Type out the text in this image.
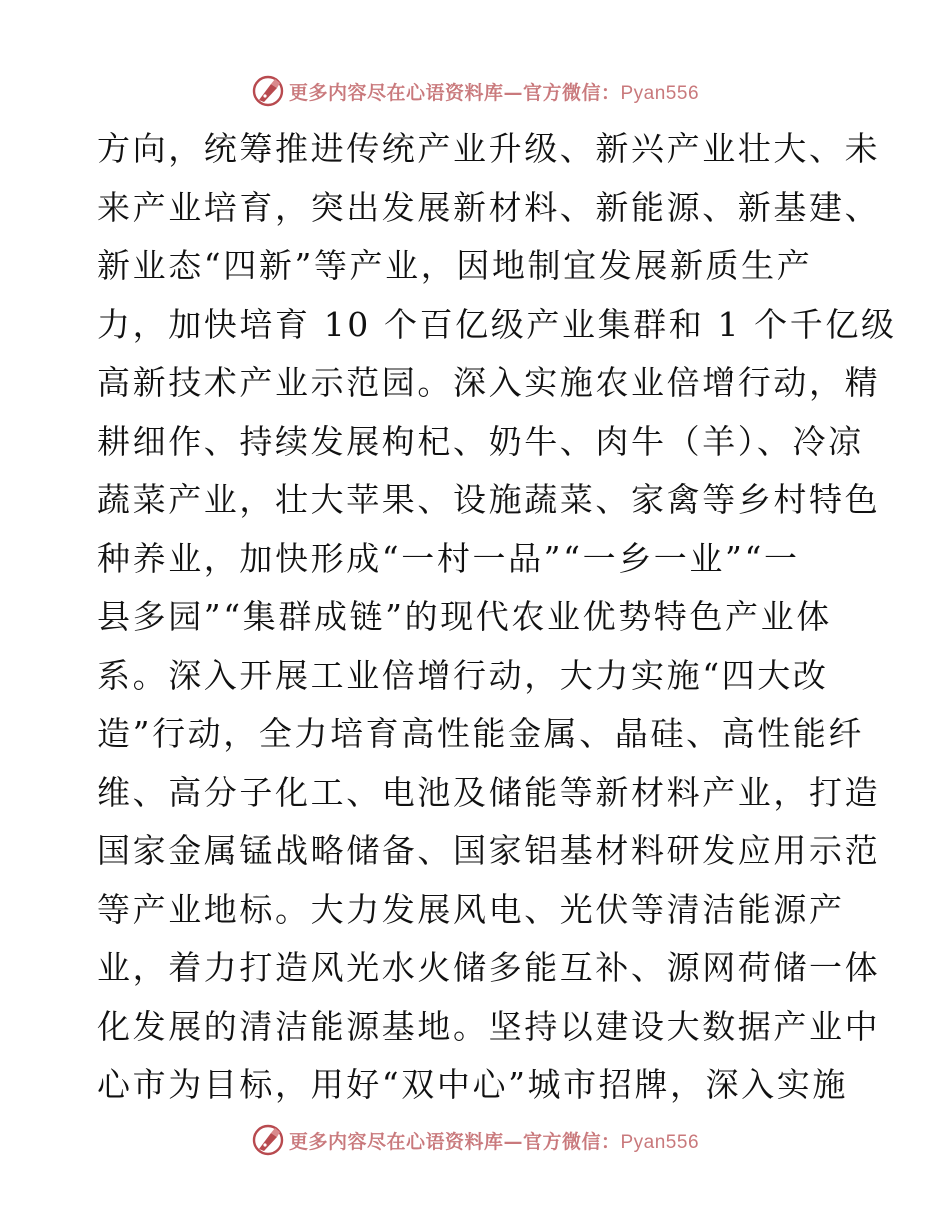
更多内容尽在心语资料库—官方微信：Pyan556
方向，统筹推进传统产业升级、新兴产业壮大、未
来产业培育，突出发展新材料、新能源、新基建、
新业态“四新”等产业，因地制宜发展新质生产
力，加快培育 10 个百亿级产业集群和 1 个千亿级
高新技术产业示范园。深入实施农业倍增行动，精
耕细作、持续发展枸杞、奶牛、肉牛（羊）、冷凉
蔬菜产业，壮大苹果、设施蔬菜、家禽等乡村特色
种养业，加快形成“一村一品”“一乡一业”“一
县多园”“集群成链”的现代农业优势特色产业体
系。深入开展工业倍增行动，大力实施“四大改
造”行动，全力培育高性能金属、晶硅、高性能纤
维、高分子化工、电池及储能等新材料产业，打造
国家金属锰战略储备、国家铝基材料研发应用示范
等产业地标。大力发展风电、光伏等清洁能源产
业，着力打造风光水火储多能互补、源网荷储一体
化发展的清洁能源基地。坚持以建设大数据产业中
心市为目标，用好“双中心”城市招牌，深入实施
更多内容尽在心语资料库—官方微信：Pyan556
